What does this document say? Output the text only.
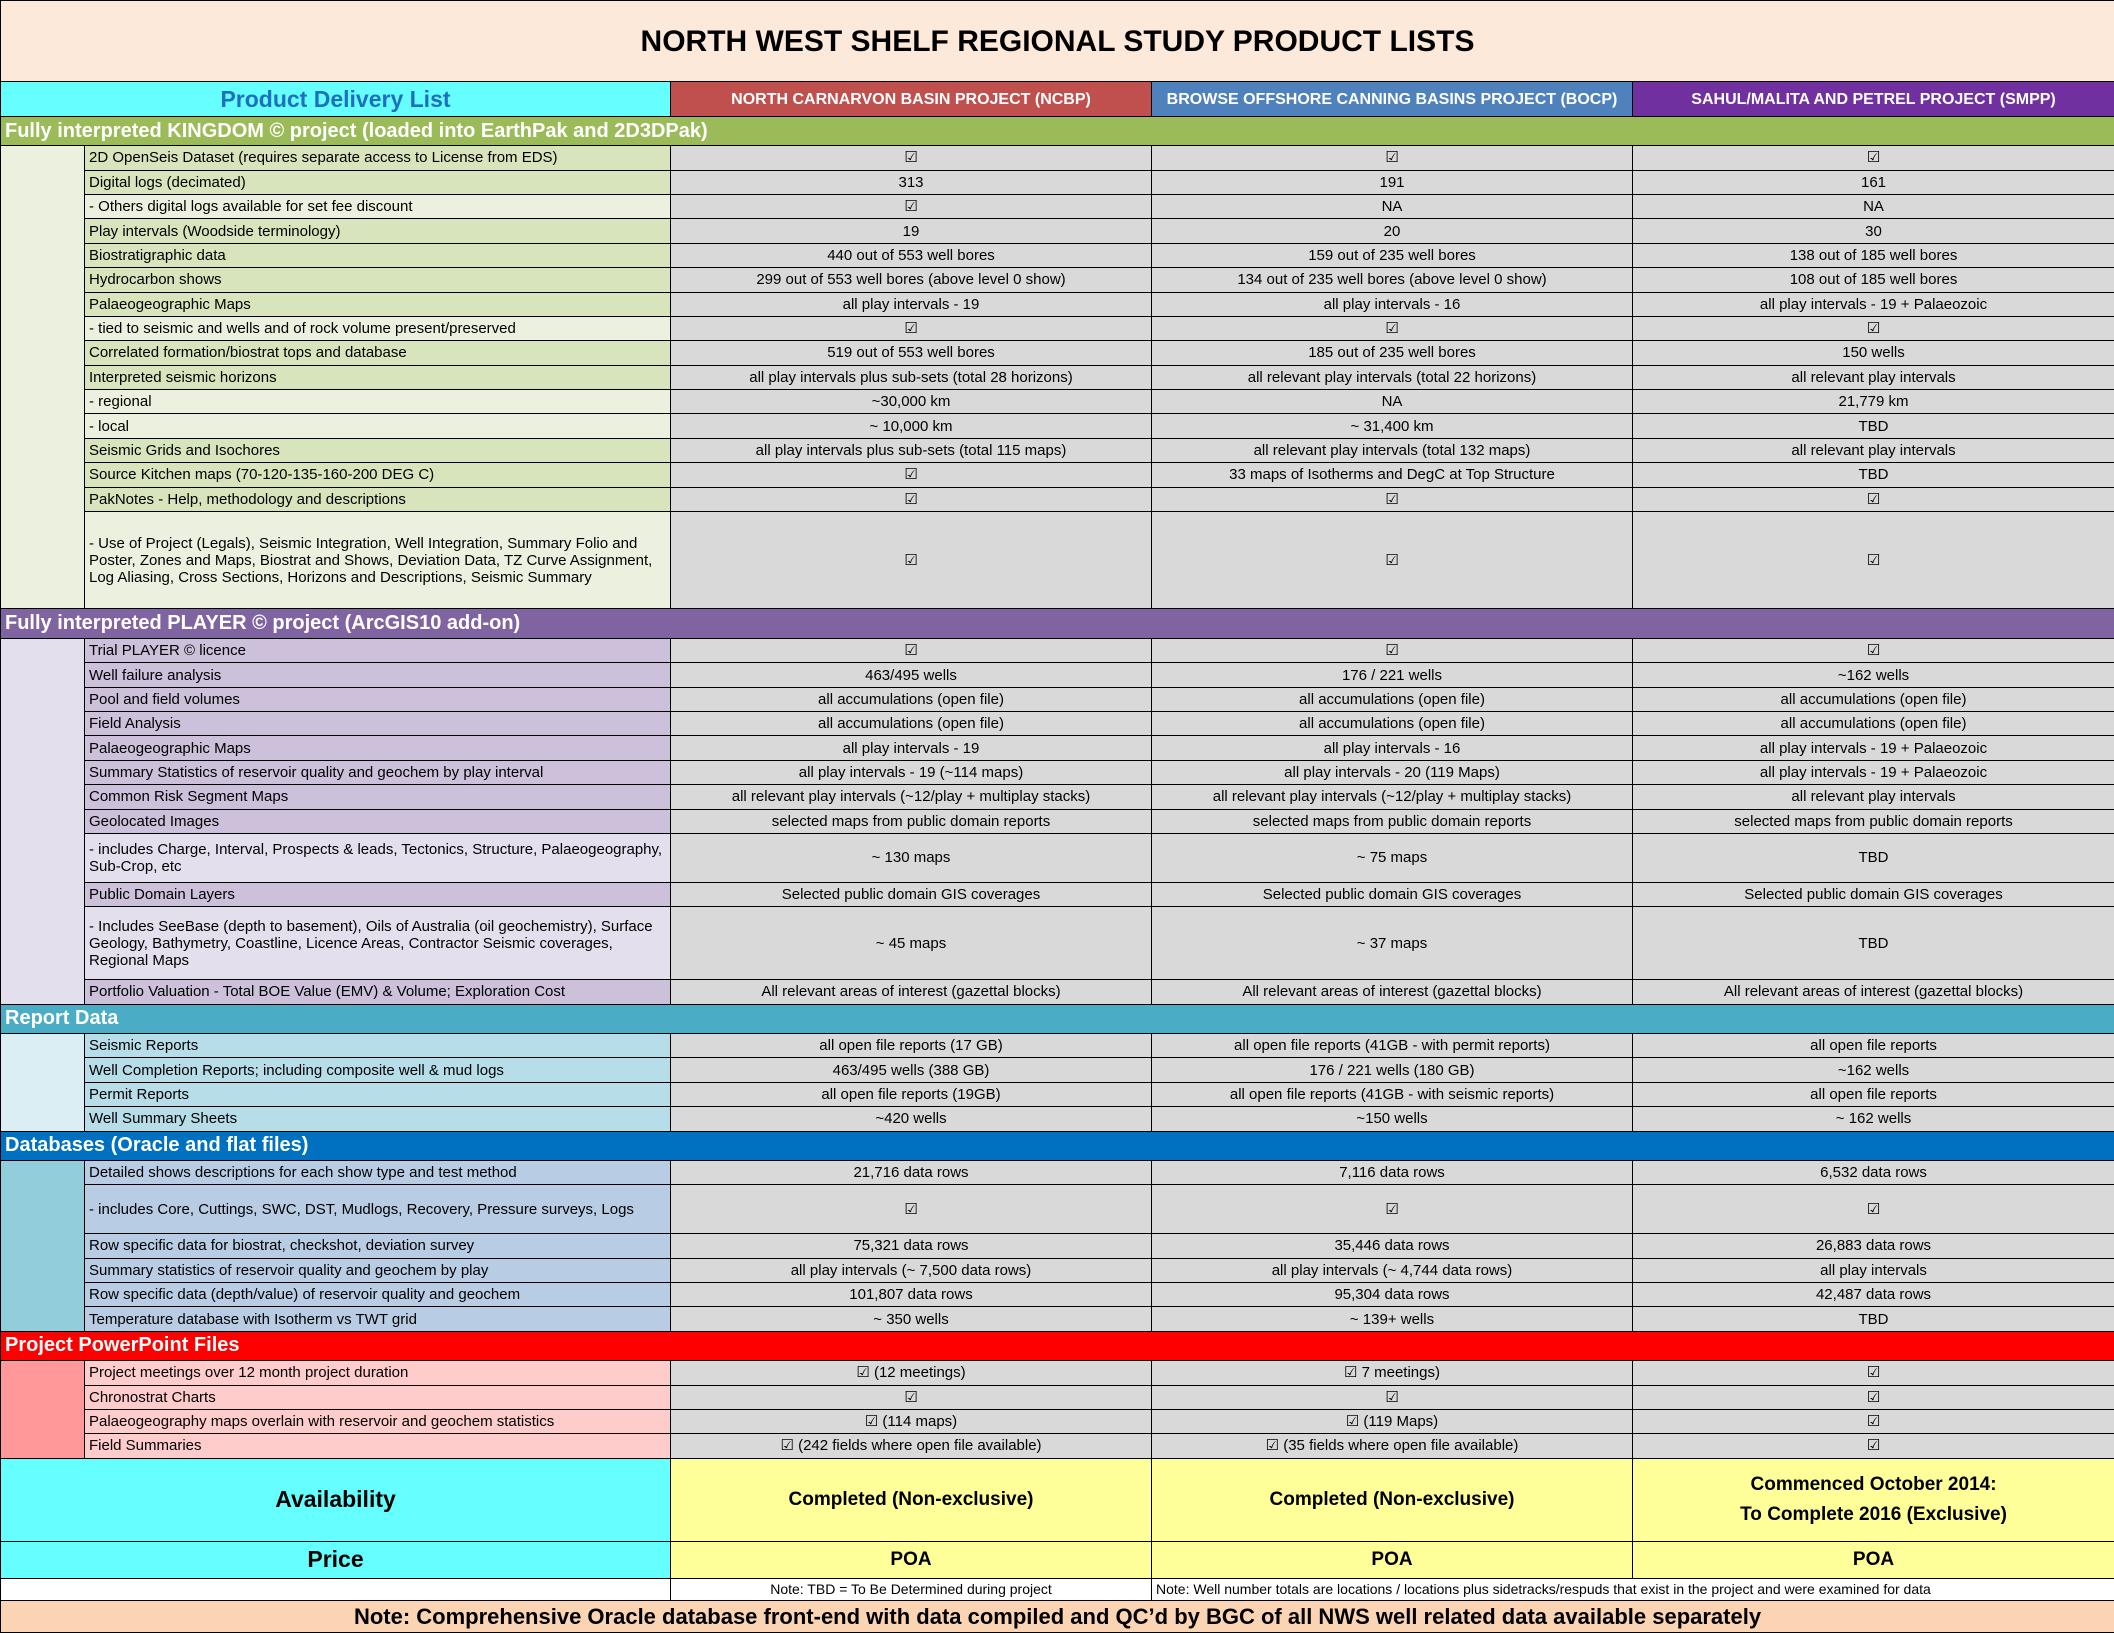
NORTH WEST SHELF REGIONAL STUDY PRODUCT LISTS				
Product Delivery List		NORTH CARNARVON BASIN PROJECT (NCBP)	BROWSE OFFSHORE CANNING BASINS PROJECT (BOCP)	SAHUL/MALITA AND PETREL PROJECT (SMPP)
Fully interpreted KINGDOM © project (loaded into EarthPak and 2D3DPak)				
	2D OpenSeis Dataset (requires separate access to License from EDS)	☑	☑	☑
	Digital logs (decimated)	313	191	161
	- Others digital logs available for set fee discount	☑	NA	NA
	Play intervals (Woodside terminology)	19	20	30
	Biostratigraphic data	440 out of 553 well bores	159 out of 235 well bores	138 out of 185 well bores
	Hydrocarbon shows	299 out of 553 well bores (above level 0 show)	134 out of 235 well bores (above level 0 show)	108 out of 185 well bores
	Palaeogeographic Maps	all play intervals - 19	all play intervals - 16	all play intervals - 19 + Palaeozoic
	- tied to seismic and wells and of rock volume present/preserved	☑	☑	☑
	Correlated formation/biostrat tops and database	519 out of 553 well bores	185 out of 235 well bores	150 wells
	Interpreted seismic horizons	all play intervals plus sub-sets (total 28 horizons)	all relevant play intervals (total 22 horizons)	all relevant play intervals
	- regional	~30,000 km	NA	21,779 km
	- local	~ 10,000 km	~ 31,400 km	TBD
	Seismic Grids and Isochores	all play intervals plus sub-sets (total 115 maps)	all relevant play intervals (total 132 maps)	all relevant play intervals
	Source Kitchen maps (70-120-135-160-200 DEG C)	☑	33 maps of Isotherms and DegC at Top Structure	TBD
	PakNotes - Help, methodology and descriptions	☑	☑	☑
	- Use of Project (Legals), Seismic Integration, Well Integration, Summary Folio and Poster, Zones and Maps, Biostrat and Shows, Deviation Data, TZ Curve Assignment, Log Aliasing, Cross Sections, Horizons and Descriptions, Seismic Summary	☑	☑	☑
Fully interpreted PLAYER © project (ArcGIS10 add-on)				
	Trial PLAYER © licence	☑	☑	☑
	Well failure analysis	463/495 wells	176 / 221 wells	~162 wells
	Pool and field volumes	all accumulations (open file)	all accumulations (open file)	all accumulations (open file)
	Field Analysis	all accumulations (open file)	all accumulations (open file)	all accumulations (open file)
	Palaeogeographic Maps	all play intervals - 19	all play intervals - 16	all play intervals - 19 + Palaeozoic
	Summary Statistics of reservoir quality and geochem by play interval	all play intervals - 19 (~114 maps)	all play intervals - 20 (119 Maps)	all play intervals - 19 + Palaeozoic
	Common Risk Segment Maps	all relevant play intervals (~12/play + multiplay stacks)	all relevant play intervals (~12/play + multiplay stacks)	all relevant play intervals
	Geolocated Images	selected maps from public domain reports	selected maps from public domain reports	selected maps from public domain reports
	- includes Charge, Interval, Prospects & leads, Tectonics, Structure, Palaeogeography, Sub-Crop, etc	~ 130 maps	~ 75 maps	TBD
	Public Domain Layers	Selected public domain GIS coverages	Selected public domain GIS coverages	Selected public domain GIS coverages
	- Includes SeeBase (depth to basement), Oils of Australia (oil geochemistry), Surface Geology, Bathymetry, Coastline, Licence Areas, Contractor Seismic coverages, Regional Maps	~ 45 maps	~ 37 maps	TBD
	Portfolio Valuation - Total BOE Value (EMV) & Volume; Exploration Cost	All relevant areas of interest (gazettal blocks)	All relevant areas of interest (gazettal blocks)	All relevant areas of interest (gazettal blocks)
Report Data				
	Seismic Reports	all open file reports (17 GB)	all open file reports (41GB - with permit reports)	all open file reports
	Well Completion Reports; including composite well & mud logs	463/495 wells (388 GB)	176 / 221 wells (180 GB)	~162 wells
	Permit Reports	all open file reports (19GB)	all open file reports (41GB - with seismic reports)	all open file reports
	Well Summary Sheets	~420 wells	~150 wells	~ 162 wells
Databases (Oracle and flat files)				
	Detailed shows descriptions for each show type and test method	21,716 data rows	7,116 data rows	6,532 data rows
	- includes Core, Cuttings, SWC, DST, Mudlogs, Recovery, Pressure surveys, Logs	☑	☑	☑
	Row specific data for biostrat, checkshot, deviation survey	75,321 data rows	35,446 data rows	26,883 data rows
	Summary statistics of reservoir quality and geochem by play	all play intervals (~ 7,500 data rows)	all play intervals (~ 4,744 data rows)	all play intervals
	Row specific data (depth/value) of reservoir quality and geochem	101,807 data rows	95,304 data rows	42,487 data rows
	Temperature database with Isotherm vs TWT grid	~ 350 wells	~ 139+ wells	TBD
Project PowerPoint Files				
	Project meetings over 12 month project duration	☑ (12 meetings)	☑ 7 meetings)	☑
	Chronostrat Charts	☑	☑	☑
	Palaeogeography maps overlain with reservoir and geochem statistics	☑ (114 maps)	☑ (119 Maps)	☑
	Field Summaries	☑ (242 fields where open file available)	☑ (35 fields where open file available)	☑
Availability		Completed (Non-exclusive)	Completed (Non-exclusive)	Commenced October 2014:
To Complete 2016 (Exclusive)
Price		POA	POA	POA
		Note: TBD = To Be Determined during project	Note: Well number totals are locations / locations plus sidetracks/respuds that exist in the project and were examined for data	
Note: Comprehensive Oracle database front-end with data compiled and QC’d by BGC of all NWS well related data available separately				
